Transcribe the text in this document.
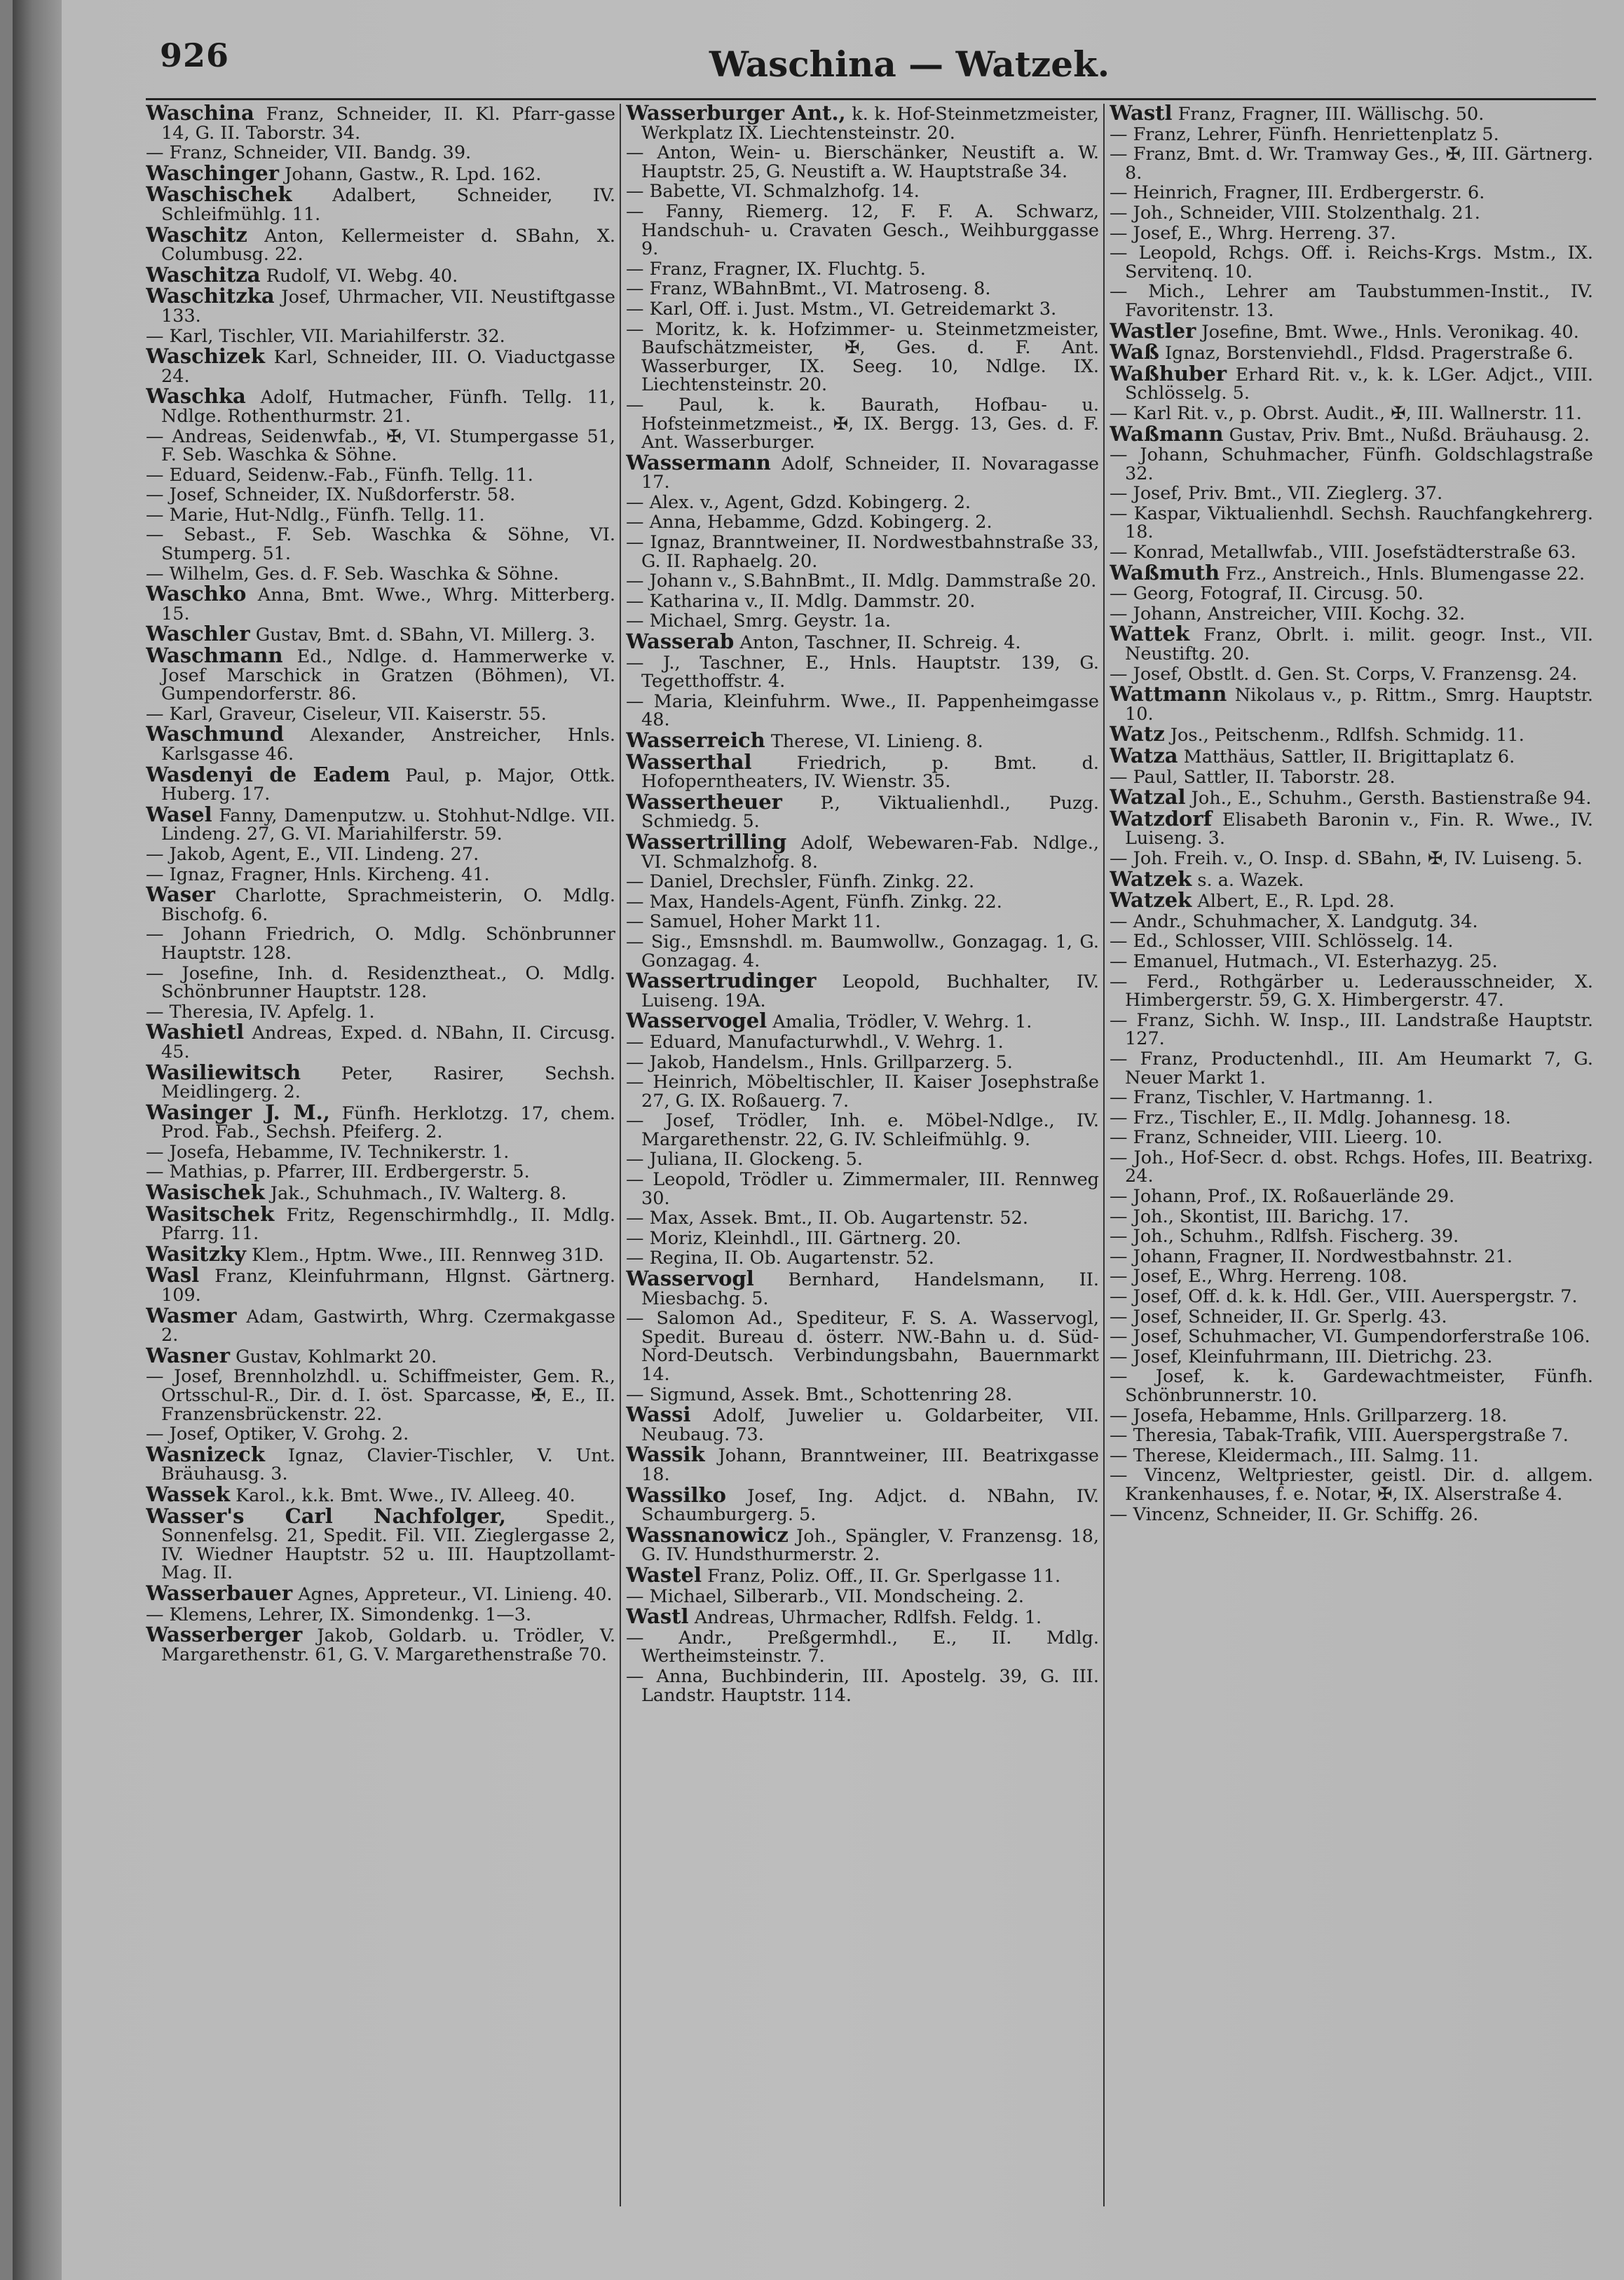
926	Waschina — Watzek.
Waschina Franz, Schneider, II. Kl. Pfarr-gasse 14, G. II. Taborstr. 34.
— Franz, Schneider, VII. Bandg. 39.
Waschinger Johann, Gastw., R. Lpd. 162.
Waschischek Adalbert, Schneider, IV. Schleifmühlg. 11.
Waschitz Anton, Kellermeister d. SBahn, X. Columbusg. 22.
Waschitza Rudolf, VI. Webg. 40.
Waschitzka Josef, Uhrmacher, VII. Neustiftgasse 133.
— Karl, Tischler, VII. Mariahilferstr. 32.
Waschizek Karl, Schneider, III. O. Viaductgasse 24.
Waschka Adolf, Hutmacher, Fünfh. Tellg. 11, Ndlge. Rothenthurmstr. 21.
— Andreas, Seidenwfab., ✠, VI. Stumpergasse 51, F. Seb. Waschka & Söhne.
— Eduard, Seidenw.-Fab., Fünfh. Tellg. 11.
— Josef, Schneider, IX. Nußdorferstr. 58.
— Marie, Hut-Ndlg., Fünfh. Tellg. 11.
— Sebast., F. Seb. Waschka & Söhne, VI. Stumperg. 51.
— Wilhelm, Ges. d. F. Seb. Waschka & Söhne.
Waschko Anna, Bmt. Wwe., Whrg. Mitterberg. 15.
Waschler Gustav, Bmt. d. SBahn, VI. Millerg. 3.
Waschmann Ed., Ndlge. d. Hammerwerke v. Josef Marschick in Gratzen (Böhmen), VI. Gumpendorferstr. 86.
— Karl, Graveur, Ciseleur, VII. Kaiserstr. 55.
Waschmund Alexander, Anstreicher, Hnls. Karlsgasse 46.
Wasdenyi de Eadem Paul, p. Major, Ottk. Huberg. 17.
Wasel Fanny, Damenputzw. u. Stohhut-Ndlge. VII. Lindeng. 27, G. VI. Mariahilferstr. 59.
— Jakob, Agent, E., VII. Lindeng. 27.
— Ignaz, Fragner, Hnls. Kircheng. 41.
Waser Charlotte, Sprachmeisterin, O. Mdlg. Bischofg. 6.
— Johann Friedrich, O. Mdlg. Schönbrunner Hauptstr. 128.
— Josefine, Inh. d. Residenztheat., O. Mdlg. Schönbrunner Hauptstr. 128.
— Theresia, IV. Apfelg. 1.
Washietl Andreas, Exped. d. NBahn, II. Circusg. 45.
Wasiliewitsch Peter, Rasirer, Sechsh. Meidlingerg. 2.
Wasinger J. M., Fünfh. Herklotzg. 17, chem. Prod. Fab., Sechsh. Pfeiferg. 2.
— Josefa, Hebamme, IV. Technikerstr. 1.
— Mathias, p. Pfarrer, III. Erdbergerstr. 5.
Wasischek Jak., Schuhmach., IV. Walterg. 8.
Wasitschek Fritz, Regenschirmhdlg., II. Mdlg. Pfarrg. 11.
Wasitzky Klem., Hptm. Wwe., III. Rennweg 31D.
Wasl Franz, Kleinfuhrmann, Hlgnst. Gärtnerg. 109.
Wasmer Adam, Gastwirth, Whrg. Czermakgasse 2.
Wasner Gustav, Kohlmarkt 20.
— Josef, Brennholzhdl. u. Schiffmeister, Gem. R., Ortsschul-R., Dir. d. I. öst. Sparcasse, ✠, E., II. Franzensbrückenstr. 22.
— Josef, Optiker, V. Grohg. 2.
Wasnizeck Ignaz, Clavier-Tischler, V. Unt. Bräuhausg. 3.
Wassek Karol., k.k. Bmt. Wwe., IV. Alleeg. 40.
Wasser's Carl Nachfolger, Spedit., Sonnenfelsg. 21, Spedit. Fil. VII. Zieglergasse 2, IV. Wiedner Hauptstr. 52 u. III. Hauptzollamt-Mag. II.
Wasserbauer Agnes, Appreteur., VI. Linieng. 40.
— Klemens, Lehrer, IX. Simondenkg. 1—3.
Wasserberger Jakob, Goldarb. u. Trödler, V. Margarethenstr. 61, G. V. Margarethenstraße 70.
Wasserburger Ant., k. k. Hof-Steinmetzmeister, Werkplatz IX. Liechtensteinstr. 20.
— Anton, Wein- u. Bierschänker, Neustift a. W. Hauptstr. 25, G. Neustift a. W. Hauptstraße 34.
— Babette, VI. Schmalzhofg. 14.
— Fanny, Riemerg. 12, F. F. A. Schwarz, Handschuh- u. Cravaten Gesch., Weihburggasse 9.
— Franz, Fragner, IX. Fluchtg. 5.
— Franz, WBahnBmt., VI. Matroseng. 8.
— Karl, Off. i. Just. Mstm., VI. Getreidemarkt 3.
— Moritz, k. k. Hofzimmer- u. Steinmetzmeister, Baufschätzmeister, ✠, Ges. d. F. Ant. Wasserburger, IX. Seeg. 10, Ndlge. IX. Liechtensteinstr. 20.
— Paul, k. k. Baurath, Hofbau- u. Hofsteinmetzmeist., ✠, IX. Bergg. 13, Ges. d. F. Ant. Wasserburger.
Wassermann Adolf, Schneider, II. Novaragasse 17.
— Alex. v., Agent, Gdzd. Kobingerg. 2.
— Anna, Hebamme, Gdzd. Kobingerg. 2.
— Ignaz, Branntweiner, II. Nordwestbahnstraße 33, G. II. Raphaelg. 20.
— Johann v., S.BahnBmt., II. Mdlg. Dammstraße 20.
— Katharina v., II. Mdlg. Dammstr. 20.
— Michael, Smrg. Geystr. 1a.
Wasserab Anton, Taschner, II. Schreig. 4.
— J., Taschner, E., Hnls. Hauptstr. 139, G. Tegetthoffstr. 4.
— Maria, Kleinfuhrm. Wwe., II. Pappenheimgasse 48.
Wasserreich Therese, VI. Linieng. 8.
Wasserthal	Friedrich, p. Bmt. d. Hofoperntheaters, IV. Wienstr. 35.
Wassertheuer P., Viktualienhdl., Puzg. Schmiedg. 5.
Wassertrilling Adolf, Webewaren-Fab. Ndlge., VI. Schmalzhofg. 8.
— Daniel, Drechsler, Fünfh. Zinkg. 22.
— Max, Handels-Agent, Fünfh. Zinkg. 22.
— Samuel, Hoher Markt 11.
— Sig., Emsnshdl. m. Baumwollw., Gonzagag. 1, G. Gonzagag. 4.
Wassertrudinger Leopold, Buchhalter, IV. Luiseng. 19A.
Wasservogel Amalia, Trödler, V. Wehrg. 1.
— Eduard, Manufacturwhdl., V. Wehrg. 1.
— Jakob, Handelsm., Hnls. Grillparzerg. 5.
— Heinrich, Möbeltischler, II. Kaiser Josephstraße 27, G. IX. Roßauerg. 7.
— Josef, Trödler, Inh. e. Möbel-Ndlge., IV. Margarethenstr. 22, G. IV. Schleifmühlg. 9.
— Juliana, II. Glockeng. 5.
— Leopold, Trödler u. Zimmermaler, III. Rennweg 30.
— Max, Assek. Bmt., II. Ob. Augartenstr. 52.
— Moriz, Kleinhdl., III. Gärtnerg. 20.
— Regina, II. Ob. Augartenstr. 52.
Wasservogl Bernhard, Handelsmann, II. Miesbachg. 5.
— Salomon Ad., Spediteur, F. S. A. Wasservogl, Spedit. Bureau d. österr. NW.-Bahn u. d. Süd-Nord-Deutsch. Verbindungsbahn, Bauernmarkt 14.
— Sigmund, Assek. Bmt., Schottenring 28.
Wassi Adolf, Juwelier u. Goldarbeiter, VII. Neubaug. 73.
Wassik Johann, Branntweiner, III. Beatrixgasse 18.
Wassilko Josef, Ing. Adjct. d. NBahn, IV. Schaumburgerg. 5.
Wassnanowicz Joh., Spängler, V. Franzensg. 18, G. IV. Hundsthurmerstr. 2.
Wastel Franz, Poliz. Off., II. Gr. Sperlgasse 11.
— Michael, Silberarb., VII. Mondscheing. 2.
Wastl Andreas, Uhrmacher, Rdlfsh. Feldg. 1.
— Andr., Preßgermhdl., E., II. Mdlg. Wertheimsteinstr. 7.
— Anna, Buchbinderin, III. Apostelg. 39, G. III. Landstr. Hauptstr. 114.
Wastl Franz, Fragner, III. Wällischg. 50.
— Franz, Lehrer, Fünfh. Henriettenplatz 5.
— Franz, Bmt. d. Wr. Tramway Ges., ✠, III. Gärtnerg. 8.
— Heinrich, Fragner, III. Erdbergerstr. 6.
— Joh., Schneider, VIII. Stolzenthalg. 21.
— Josef, E., Whrg. Herreng. 37.
— Leopold, Rchgs. Off. i. Reichs-Krgs. Mstm., IX. Servitenq. 10.
— Mich., Lehrer am Taubstummen-Instit., IV. Favoritenstr. 13.
Wastler Josefine, Bmt. Wwe., Hnls. Veronikag. 40.
Waß Ignaz, Borstenviehdl., Fldsd. Pragerstraße 6.
Waßhuber Erhard Rit. v., k. k. LGer. Adjct., VIII. Schlösselg. 5.
— Karl Rit. v., p. Obrst. Audit., ✠, III. Wallnerstr. 11.
Waßmann Gustav, Priv. Bmt., Nußd. Bräuhausg. 2.
— Johann, Schuhmacher, Fünfh. Goldschlagstraße 32.
— Josef, Priv. Bmt., VII. Zieglerg. 37.
— Kaspar, Viktualienhdl. Sechsh. Rauchfangkehrerg. 18.
— Konrad, Metallwfab., VIII. Josefstädterstraße 63.
Waßmuth Frz., Anstreich., Hnls. Blumengasse 22.
— Georg, Fotograf, II. Circusg. 50.
— Johann, Anstreicher, VIII. Kochg. 32.
Wattek Franz, Obrlt. i. milit. geogr. Inst., VII. Neustiftg. 20.
— Josef, Obstlt. d. Gen. St. Corps, V. Franzensg. 24.
Wattmann Nikolaus v., p. Rittm., Smrg. Hauptstr. 10.
Watz Jos., Peitschenm., Rdlfsh. Schmidg. 11.
Watza Matthäus, Sattler, II. Brigittaplatz 6.
— Paul, Sattler, II. Taborstr. 28.
Watzal Joh., E., Schuhm., Gersth. Bastienstraße 94.
Watzdorf Elisabeth Baronin v., Fin. R. Wwe., IV. Luiseng. 3.
— Joh. Freih. v., O. Insp. d. SBahn, ✠, IV. Luiseng. 5.
Watzek s. a. Wazek.
Watzek Albert, E., R. Lpd. 28.
— Andr., Schuhmacher, X. Landgutg. 34.
— Ed., Schlosser, VIII. Schlösselg. 14.
— Emanuel, Hutmach., VI. Esterhazyg. 25.
— Ferd., Rothgärber u. Lederausschneider, X. Himbergerstr. 59, G. X. Himbergerstr. 47.
— Franz, Sichh. W. Insp., III. Landstraße Hauptstr. 127.
— Franz, Productenhdl., III. Am Heumarkt 7, G. Neuer Markt 1.
— Franz, Tischler, V. Hartmanng. 1.
— Frz., Tischler, E., II. Mdlg. Johannesg. 18.
— Franz, Schneider, VIII. Lieerg. 10.
— Joh., Hof-Secr. d. obst. Rchgs. Hofes, III. Beatrixg. 24.
— Johann, Prof., IX. Roßauerlände 29.
— Joh., Skontist, III. Barichg. 17.
— Joh., Schuhm., Rdlfsh. Fischerg. 39.
— Johann, Fragner, II. Nordwestbahnstr. 21.
— Josef, E., Whrg. Herreng. 108.
— Josef, Off. d. k. k. Hdl. Ger., VIII. Auerspergstr. 7.
— Josef, Schneider, II. Gr. Sperlg. 43.
— Josef, Schuhmacher, VI. Gumpendorferstraße 106.
— Josef, Kleinfuhrmann, III. Dietrichg. 23.
— Josef, k. k. Gardewachtmeister, Fünfh. Schönbrunnerstr. 10.
— Josefa, Hebamme, Hnls. Grillparzerg. 18.
— Theresia, Tabak-Trafik, VIII. Auerspergstraße 7.
— Therese, Kleidermach., III. Salmg. 11.
— Vincenz, Weltpriester, geistl. Dir. d. allgem. Krankenhauses, f. e. Notar, ✠, IX. Alserstraße 4.
— Vincenz, Schneider, II. Gr. Schiffg. 26.
